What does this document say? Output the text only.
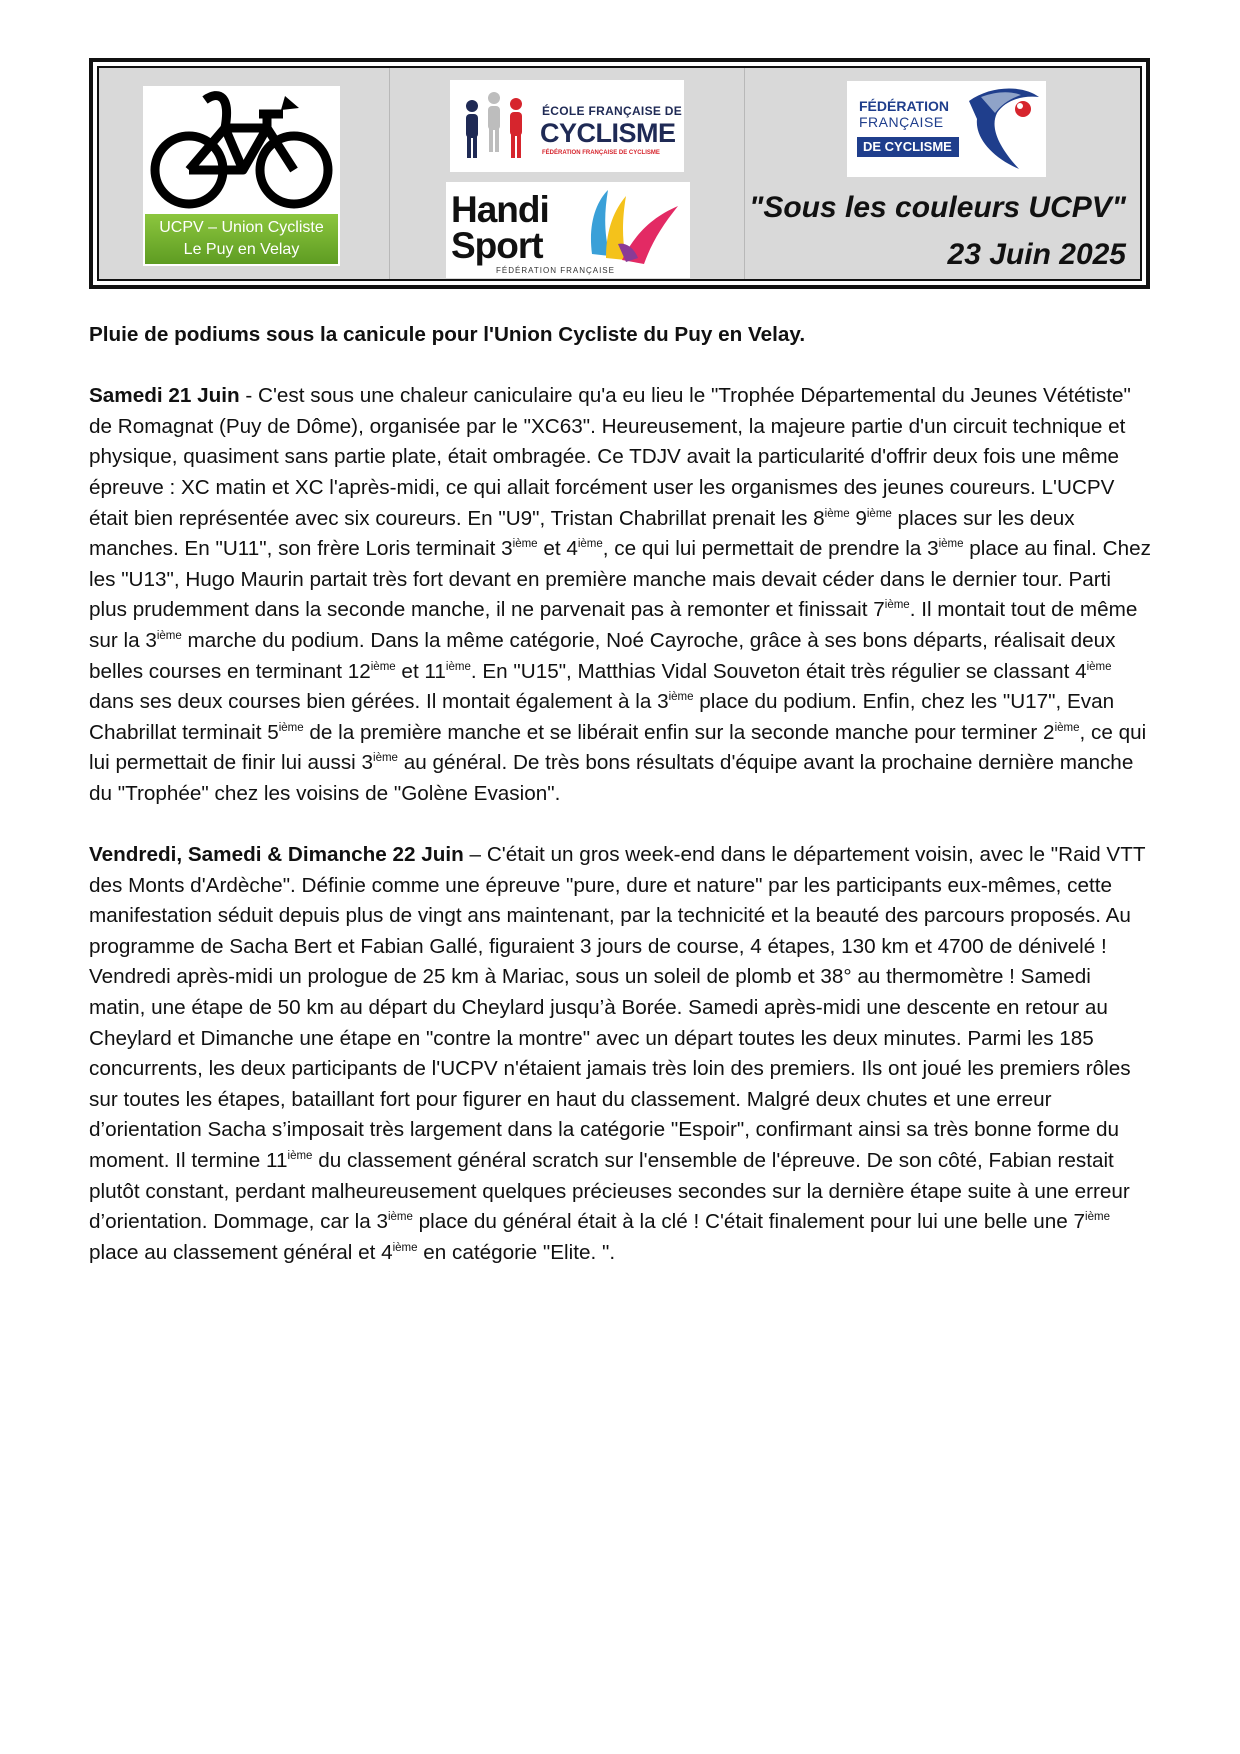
UCPV – Union Cycliste
Le Puy en Velay
ÉCOLE FRANÇAISE DE
CYCLISME
FÉDÉRATION FRANÇAISE DE CYCLISME
Handi
Sport
FÉDÉRATION FRANÇAISE
FÉDÉRATION
FRANÇAISE
DE CYCLISME
"Sous les couleurs UCPV"
23 Juin 2025

Pluie de podiums sous la canicule pour l'Union Cycliste du Puy en Velay.

Samedi 21 Juin - C'est sous une chaleur caniculaire qu'a eu lieu le "Trophée Départemental du Jeunes Vététiste" de Romagnat (Puy de Dôme), organisée par le "XC63". Heureusement, la majeure partie d'un circuit technique et physique, quasiment sans partie plate, était ombragée. Ce TDJV avait la particularité d'offrir deux fois une même épreuve : XC matin et XC l'après-midi, ce qui allait forcément user les organismes des jeunes coureurs. L'UCPV était bien représentée avec six coureurs. En "U9", Tristan Chabrillat prenait les 8ième 9ième places sur les deux manches. En "U11", son frère Loris terminait 3ième et 4ième, ce qui lui permettait de prendre la 3ième place au final. Chez les "U13", Hugo Maurin partait très fort devant en première manche mais devait céder dans le dernier tour. Parti plus prudemment dans la seconde manche, il ne parvenait pas à remonter et finissait 7ième. Il montait tout de même sur la 3ième marche du podium. Dans la même catégorie, Noé Cayroche, grâce à ses bons départs, réalisait deux belles courses en terminant 12ième et 11ième. En "U15", Matthias Vidal Souveton était très régulier se classant 4ième dans ses deux courses bien gérées. Il montait également à la 3ième place du podium. Enfin, chez les "U17", Evan Chabrillat terminait 5ième de la première manche et se libérait enfin sur la seconde manche pour terminer 2ième, ce qui lui permettait de finir lui aussi 3ième au général. De très bons résultats d'équipe avant la prochaine dernière manche du "Trophée" chez les voisins de "Golène Evasion".

Vendredi, Samedi & Dimanche 22 Juin – C'était un gros week-end dans le département voisin, avec le "Raid VTT des Monts d'Ardèche". Définie comme une épreuve "pure, dure et nature" par les participants eux-mêmes, cette manifestation séduit depuis plus de vingt ans maintenant, par la technicité et la beauté des parcours proposés. Au programme de Sacha Bert et Fabian Gallé, figuraient 3 jours de course, 4 étapes, 130 km et 4700 de dénivelé ! Vendredi après-midi un prologue de 25 km à Mariac, sous un soleil de plomb et 38° au thermomètre ! Samedi matin, une étape de 50 km au départ du Cheylard jusqu’à Borée. Samedi après-midi une descente en retour au Cheylard et Dimanche une étape en "contre la montre" avec un départ toutes les deux minutes. Parmi les 185 concurrents, les deux participants de l'UCPV n'étaient jamais très loin des premiers. Ils ont joué les premiers rôles sur toutes les étapes, bataillant fort pour figurer en haut du classement. Malgré deux chutes et une erreur d’orientation Sacha s’imposait très largement dans la catégorie "Espoir", confirmant ainsi sa très bonne forme du moment. Il termine 11ième du classement général scratch sur l'ensemble de l'épreuve. De son côté, Fabian restait plutôt constant, perdant malheureusement quelques précieuses secondes sur la dernière étape suite à une erreur d’orientation. Dommage, car la 3ième place du général était à la clé ! C'était finalement pour lui une belle une 7ième place au classement général et 4ième en catégorie "Elite. ".
